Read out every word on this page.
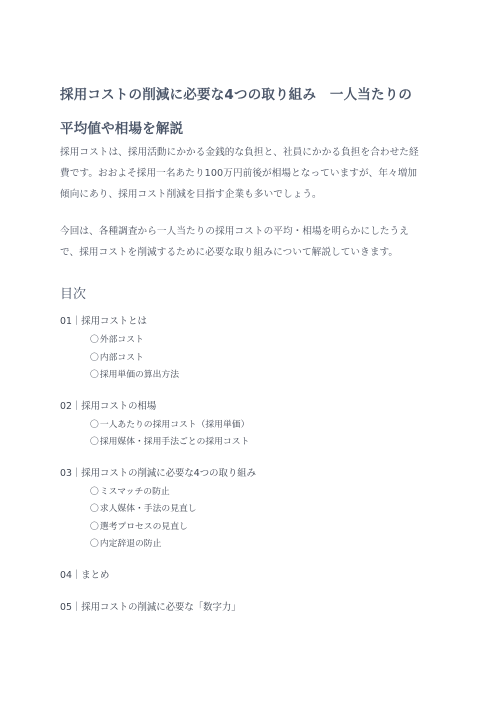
採用コストの削減に必要な4つの取り組み　一人当たりの
平均値や相場を解説

採用コストは、採用活動にかかる金銭的な負担と、社員にかかる負担を合わせた経
費です。おおよそ採用一名あたり100万円前後が相場となっていますが、年々増加
傾向にあり、採用コスト削減を目指す企業も多いでしょう。

今回は、各種調査から一人当たりの採用コストの平均・相場を明らかにしたうえ
で、採用コストを削減するために必要な取り組みについて解説していきます。

目次
01｜採用コストとは
〇外部コスト
〇内部コスト
〇採用単価の算出方法
02｜採用コストの相場
〇一人あたりの採用コスト（採用単価）
〇採用媒体・採用手法ごとの採用コスト
03｜採用コストの削減に必要な4つの取り組み
〇ミスマッチの防止
〇求人媒体・手法の見直し
〇選考プロセスの見直し
〇内定辞退の防止
04｜まとめ
05｜採用コストの削減に必要な「数字力」
